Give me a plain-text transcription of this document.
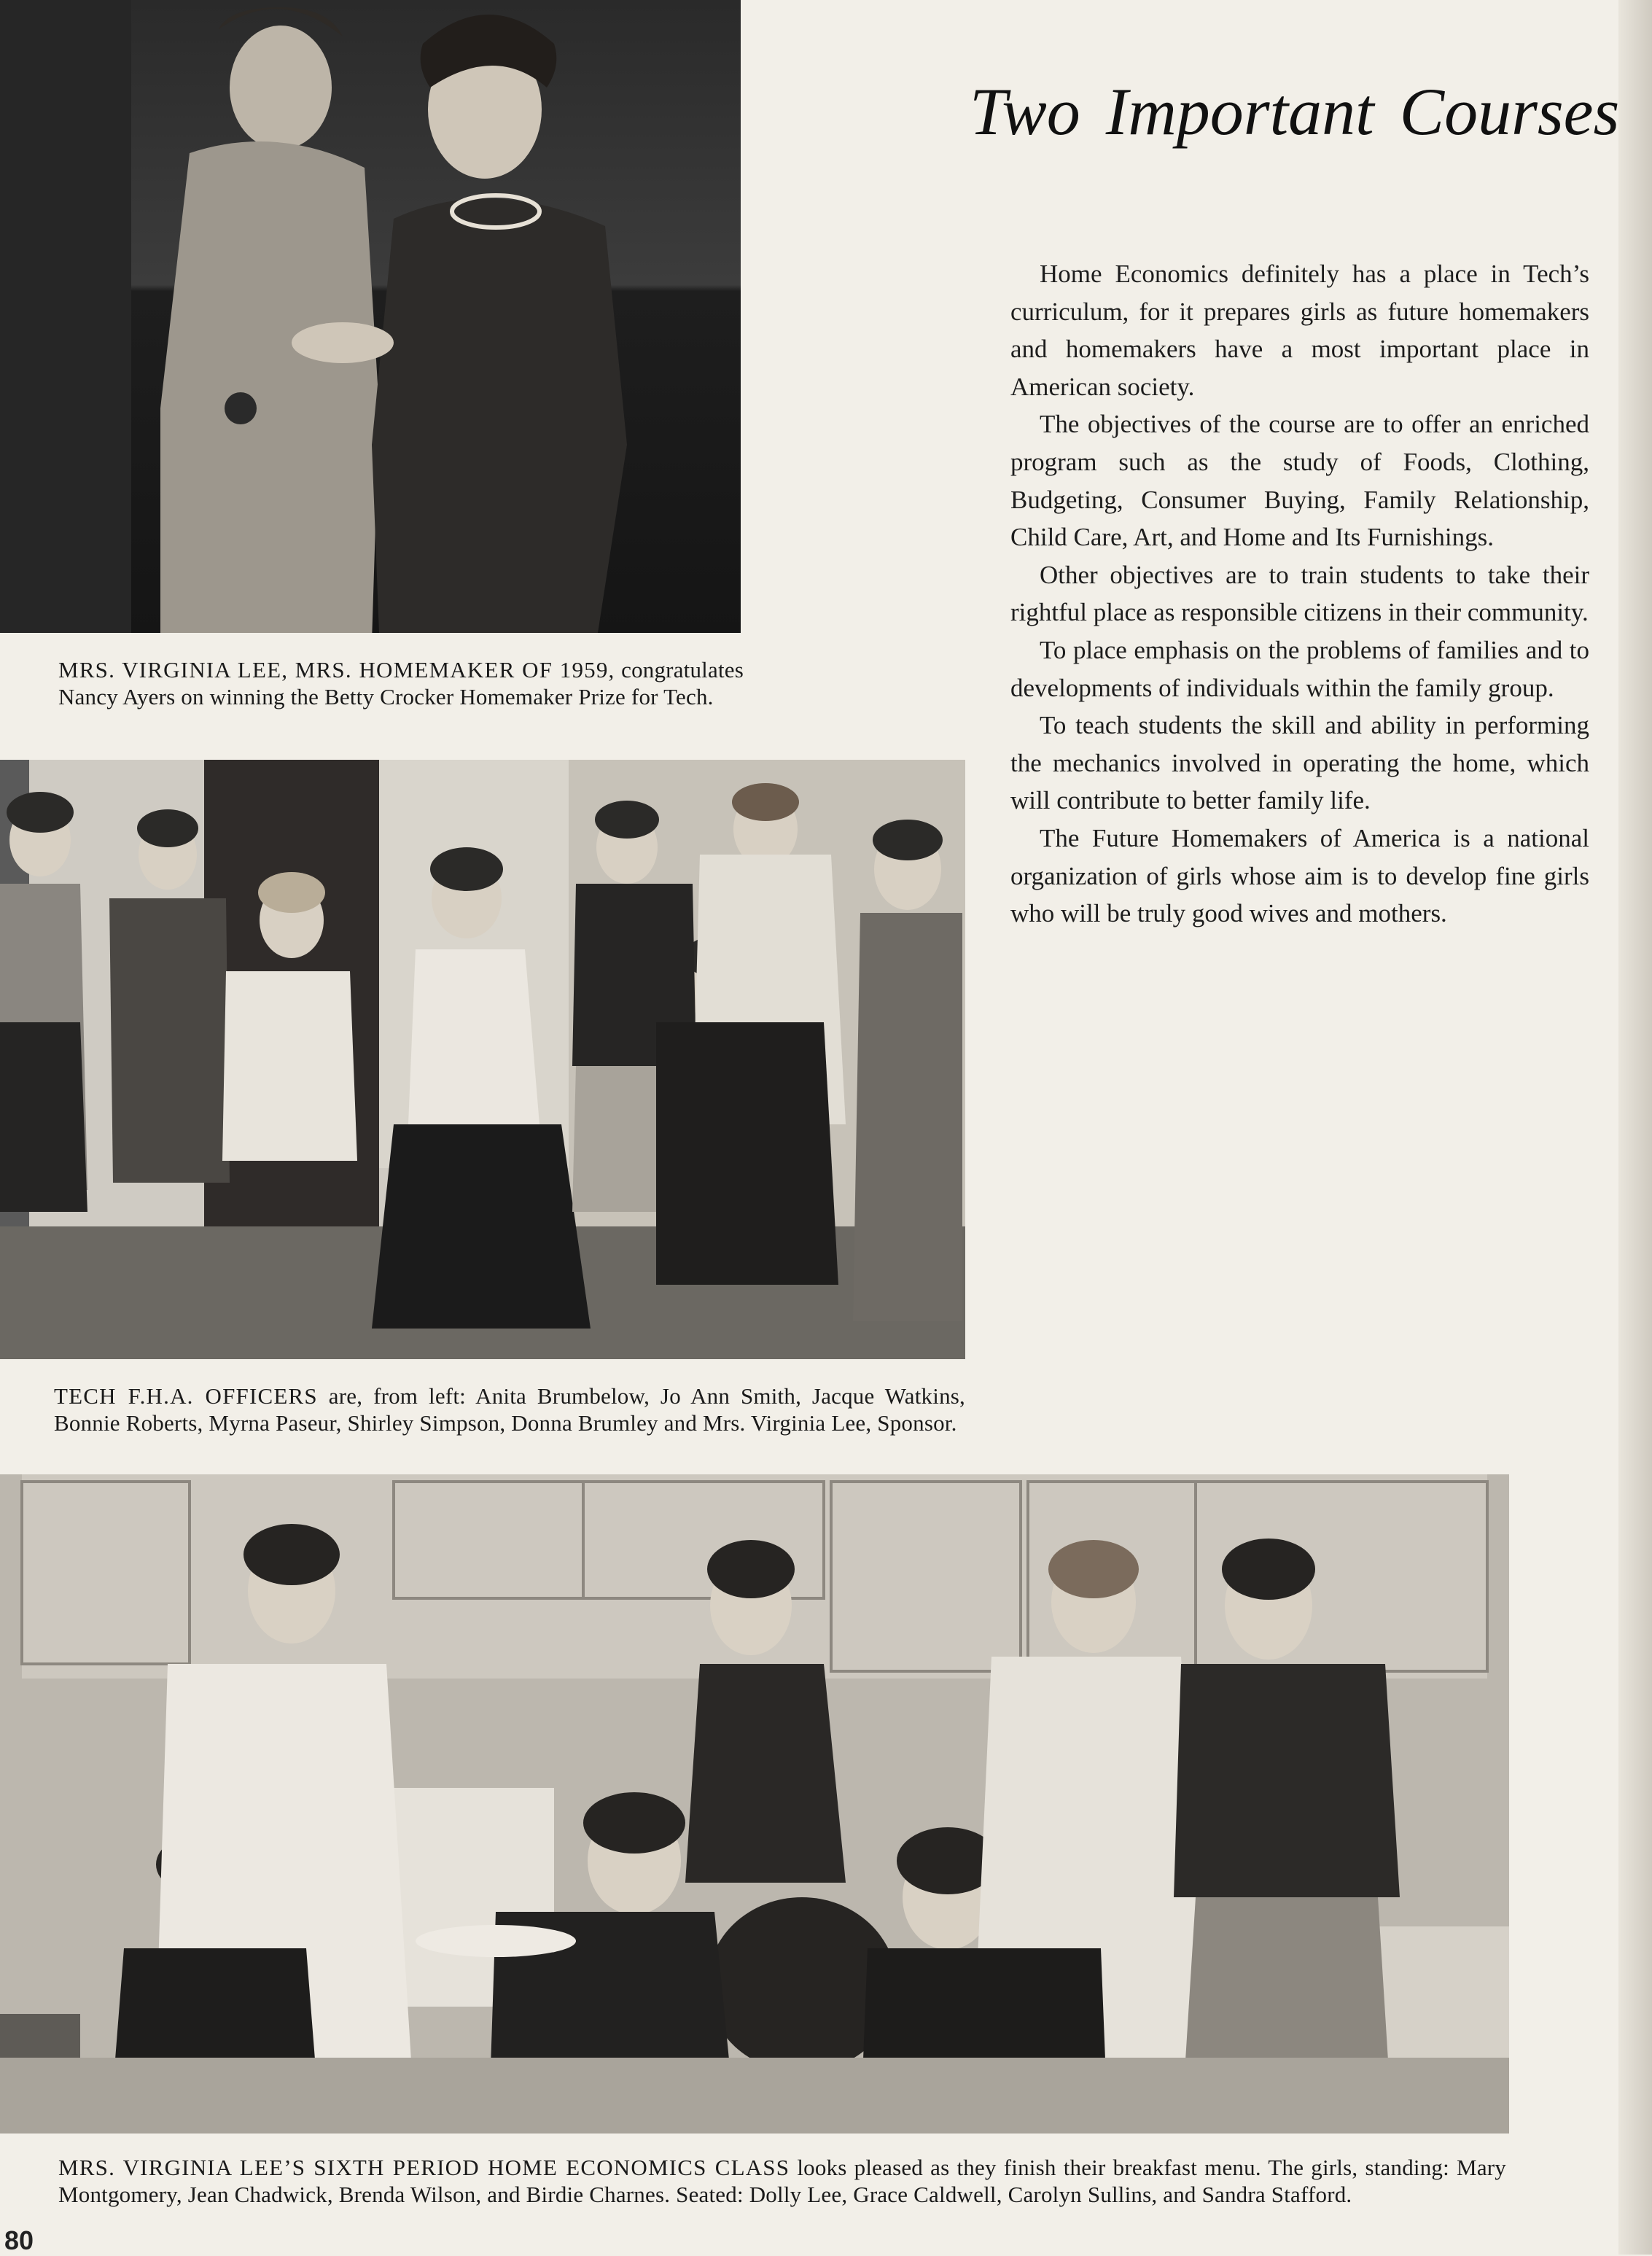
MRS. VIRGINIA LEE, MRS. HOMEMAKER OF 1959, congratulates Nancy Ayers on winning the Betty Crocker Homemaker Prize for Tech.
TECH F.H.A. OFFICERS are, from left: Anita Brumbelow, Jo Ann Smith, Jacque Watkins, Bonnie Roberts, Myrna Paseur, Shirley Simpson, Donna Brumley and Mrs. Virginia Lee, Sponsor.
MRS. VIRGINIA LEE’S SIXTH PERIOD HOME ECONOMICS CLASS looks pleased as they finish their breakfast menu. The girls, standing: Mary Montgomery, Jean Chadwick, Brenda Wilson, and Birdie Charnes. Seated: Dolly Lee, Grace Caldwell, Carolyn Sullins, and Sandra Stafford.
Two Important Courses

Home Economics definitely has a place in Tech’s curriculum, for it prepares girls as future homemakers and homemakers have a most important place in American society.

The objectives of the course are to offer an enriched program such as the study of Foods, Clothing, Budgeting, Consumer Buying, Family Relationship, Child Care, Art, and Home and Its Furnishings.

Other objectives are to train students to take their rightful place as responsible citizens in their community.

To place emphasis on the problems of families and to developments of individuals within the family group.

To teach students the skill and ability in performing the mechanics involved in operating the home, which will contribute to better family life.

The Future Homemakers of America is a national organization of girls whose aim is to develop fine girls who will be truly good wives and mothers.

80
